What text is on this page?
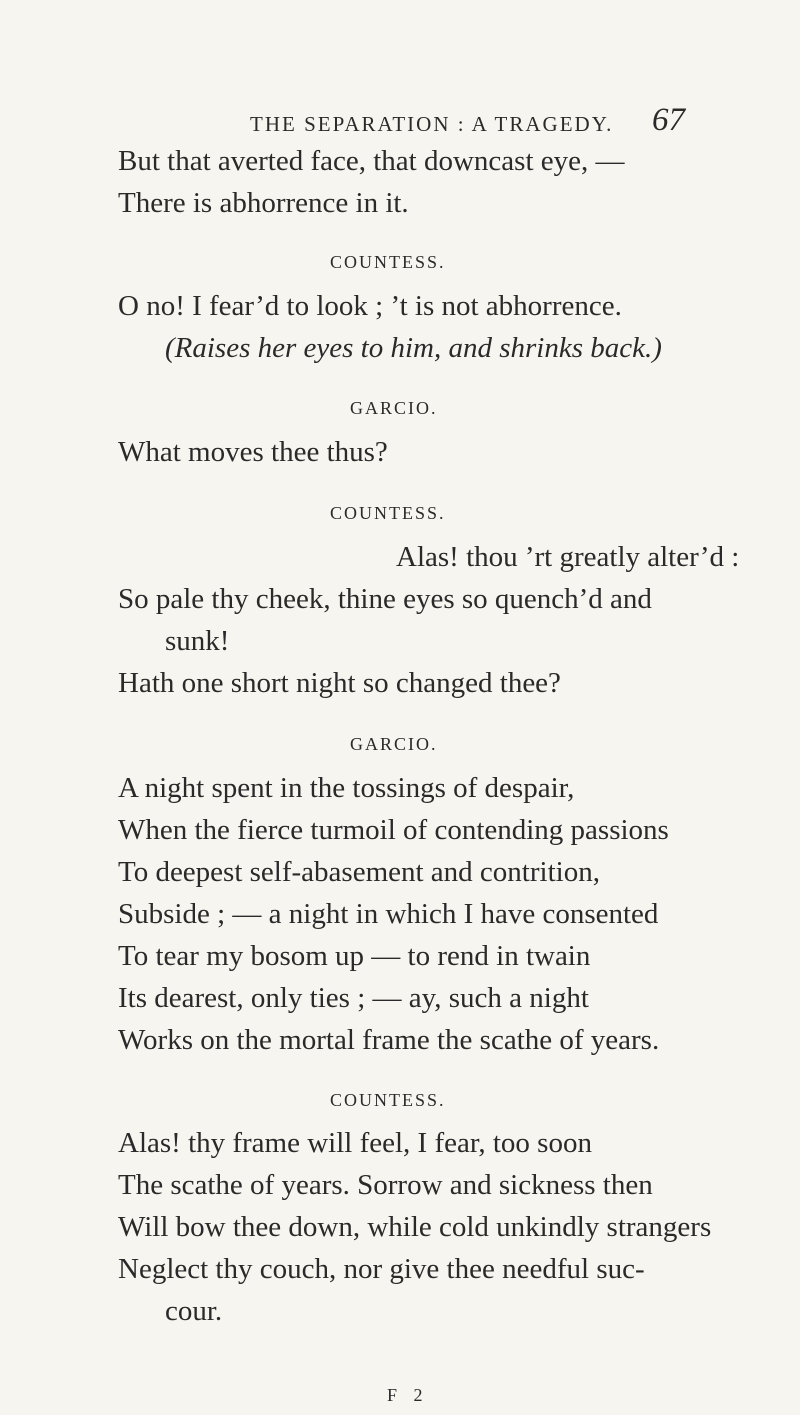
THE SEPARATION : A TRAGEDY. 67
But that averted face, that downcast eye, —
There is abhorrence in it.
COUNTESS.
O no! I fear’d to look ; ’t is not abhorrence.
(Raises her eyes to him, and shrinks back.)
GARCIO.
What moves thee thus?
COUNTESS.
Alas! thou ’rt greatly alter’d :
So pale thy cheek, thine eyes so quench’d and
sunk!
Hath one short night so changed thee?
GARCIO.
A night spent in the tossings of despair,
When the fierce turmoil of contending passions
To deepest self-abasement and contrition,
Subside ; — a night in which I have consented
To tear my bosom up — to rend in twain
Its dearest, only ties ; — ay, such a night
Works on the mortal frame the scathe of years.
COUNTESS.
Alas! thy frame will feel, I fear, too soon
The scathe of years. Sorrow and sickness then
Will bow thee down, while cold unkindly strangers
Neglect thy couch, nor give thee needful suc-
cour.
F 2
